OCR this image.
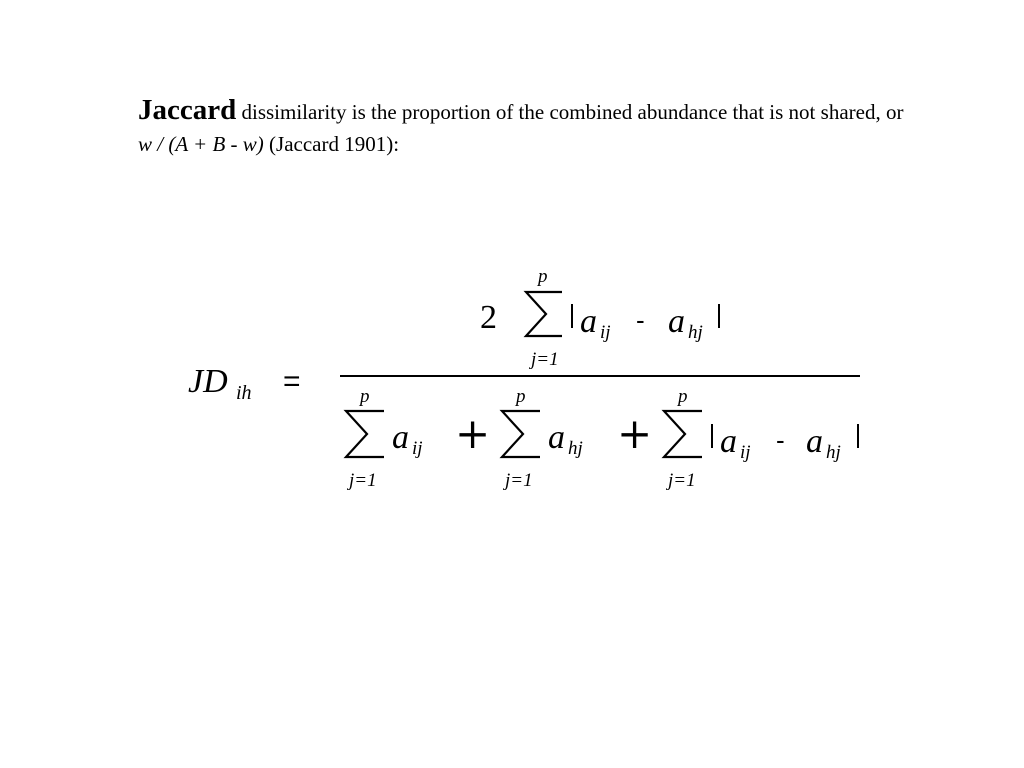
Jaccard dissimilarity is the proportion of the combined abundance that is not shared, or w / (A + B - w) (Jaccard 1901):
JD ih =
2
p
j=1
a ij - a hj
p
j=1
a ij +
p
j=1
a hj +
p
j=1
a ij - a hj
